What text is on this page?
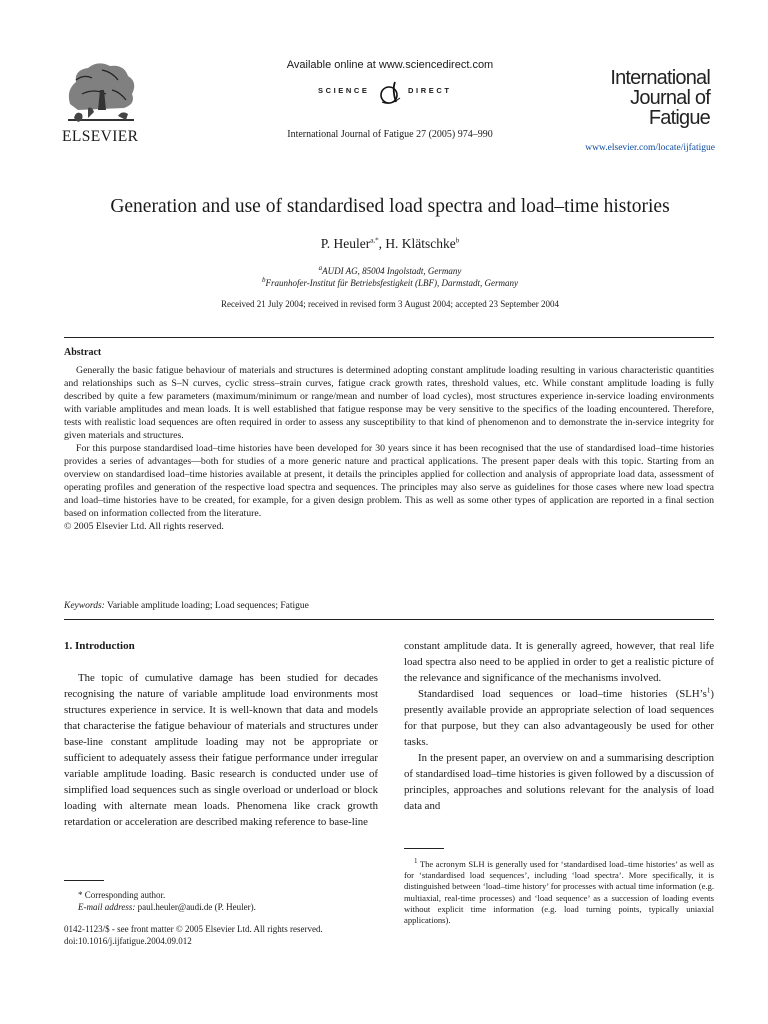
ELSEVIER
Available online at www.sciencedirect.com
SCIENCE	DIRECT
International Journal of Fatigue 27 (2005) 974–990
International
Journal of
Fatigue
www.elsevier.com/locate/ijfatigue
Generation and use of standardised load spectra and load–time histories
P. Heuler$^{a,*}$, H. Klätschke$^b$
$^a$AUDI AG, 85004 Ingolstadt, Germany
$^b$Fraunhofer-Institut für Betriebsfestigkeit (LBF), Darmstadt, Germany
Received 21 July 2004; received in revised form 3 August 2004; accepted 23 September 2004
Abstract

Generally the basic fatigue behaviour of materials and structures is determined adopting constant amplitude loading resulting in various characteristic quantities and relationships such as S–N curves, cyclic stress–strain curves, fatigue crack growth rates, threshold values, etc. While constant amplitude loading is fully described by quite a few parameters (maximum/minimum or range/mean and number of load cycles), most structures experience in-service loading environments with variable amplitudes and mean loads. It is well established that fatigue response may be very sensitive to the specifics of the loading encountered. Therefore, tests with realistic load sequences are often required in order to assess any susceptibility to that kind of phenomenon and to demonstrate the in-service integrity for given materials and structures.

For this purpose standardised load–time histories have been developed for 30 years since it has been recognised that the use of standardised load–time histories provides a series of advantages—both for studies of a more generic nature and practical applications. The present paper deals with this topic. Starting from an overview on standardised load–time histories available at present, it details the principles applied for collection and analysis of appropriate load data, assessment of operating profiles and generation of the respective load spectra and sequences. The principles may also serve as guidelines for those cases where new load spectra and load–time histories have to be created, for example, for a given design problem. This as well as some other types of application are reported in a final section based on information collected from the literature.

© 2005 Elsevier Ltd. All rights reserved.

Keywords: Variable amplitude loading; Load sequences; Fatigue
1. Introduction

The topic of cumulative damage has been studied for decades recognising the nature of variable amplitude load environments most structures experience in service. It is well-known that data and models that characterise the fatigue behaviour of materials and structures under base-line constant amplitude loading may not be appropriate or sufficient to adequately assess their fatigue performance under irregular variable amplitude loading. Basic research is conducted under use of simplified load sequences such as single overload or underload or block loading with alternate mean loads. Phenomena like crack growth retardation or acceleration are described making reference to base-line

constant amplitude data. It is generally agreed, however, that real life load spectra also need to be applied in order to get a realistic picture of the relevance and significance of the mechanisms involved.

Standardised load sequences or load–time histories $(SLH’s^1)$ presently available provide an appropriate selection of load sequences for that purpose, but they can also advantageously be used for other tasks.

In the present paper, an overview on and a summarising description of standardised load–time histories is given followed by a discussion of principles, approaches and solutions relevant for the analysis of load data and

* Corresponding author.
E-mail address: paul.heuler@audi.de (P. Heuler).
0142-1123/$ - see front matter © 2005 Elsevier Ltd. All rights reserved.
doi:10.1016/j.ijfatigue.2004.09.012

$^1$ The acronym SLH is generally used for ‘standardised load–time histories’ as well as for ‘standardised load sequences’, including ‘load spectra’. More specifically, it is distinguished between ‘load–time history’ for processes with actual time information (e.g. multiaxial, real-time processes) and ‘load sequence’ as a succession of loading events without explicit time information (e.g. load turning points, typically uniaxial applications).
